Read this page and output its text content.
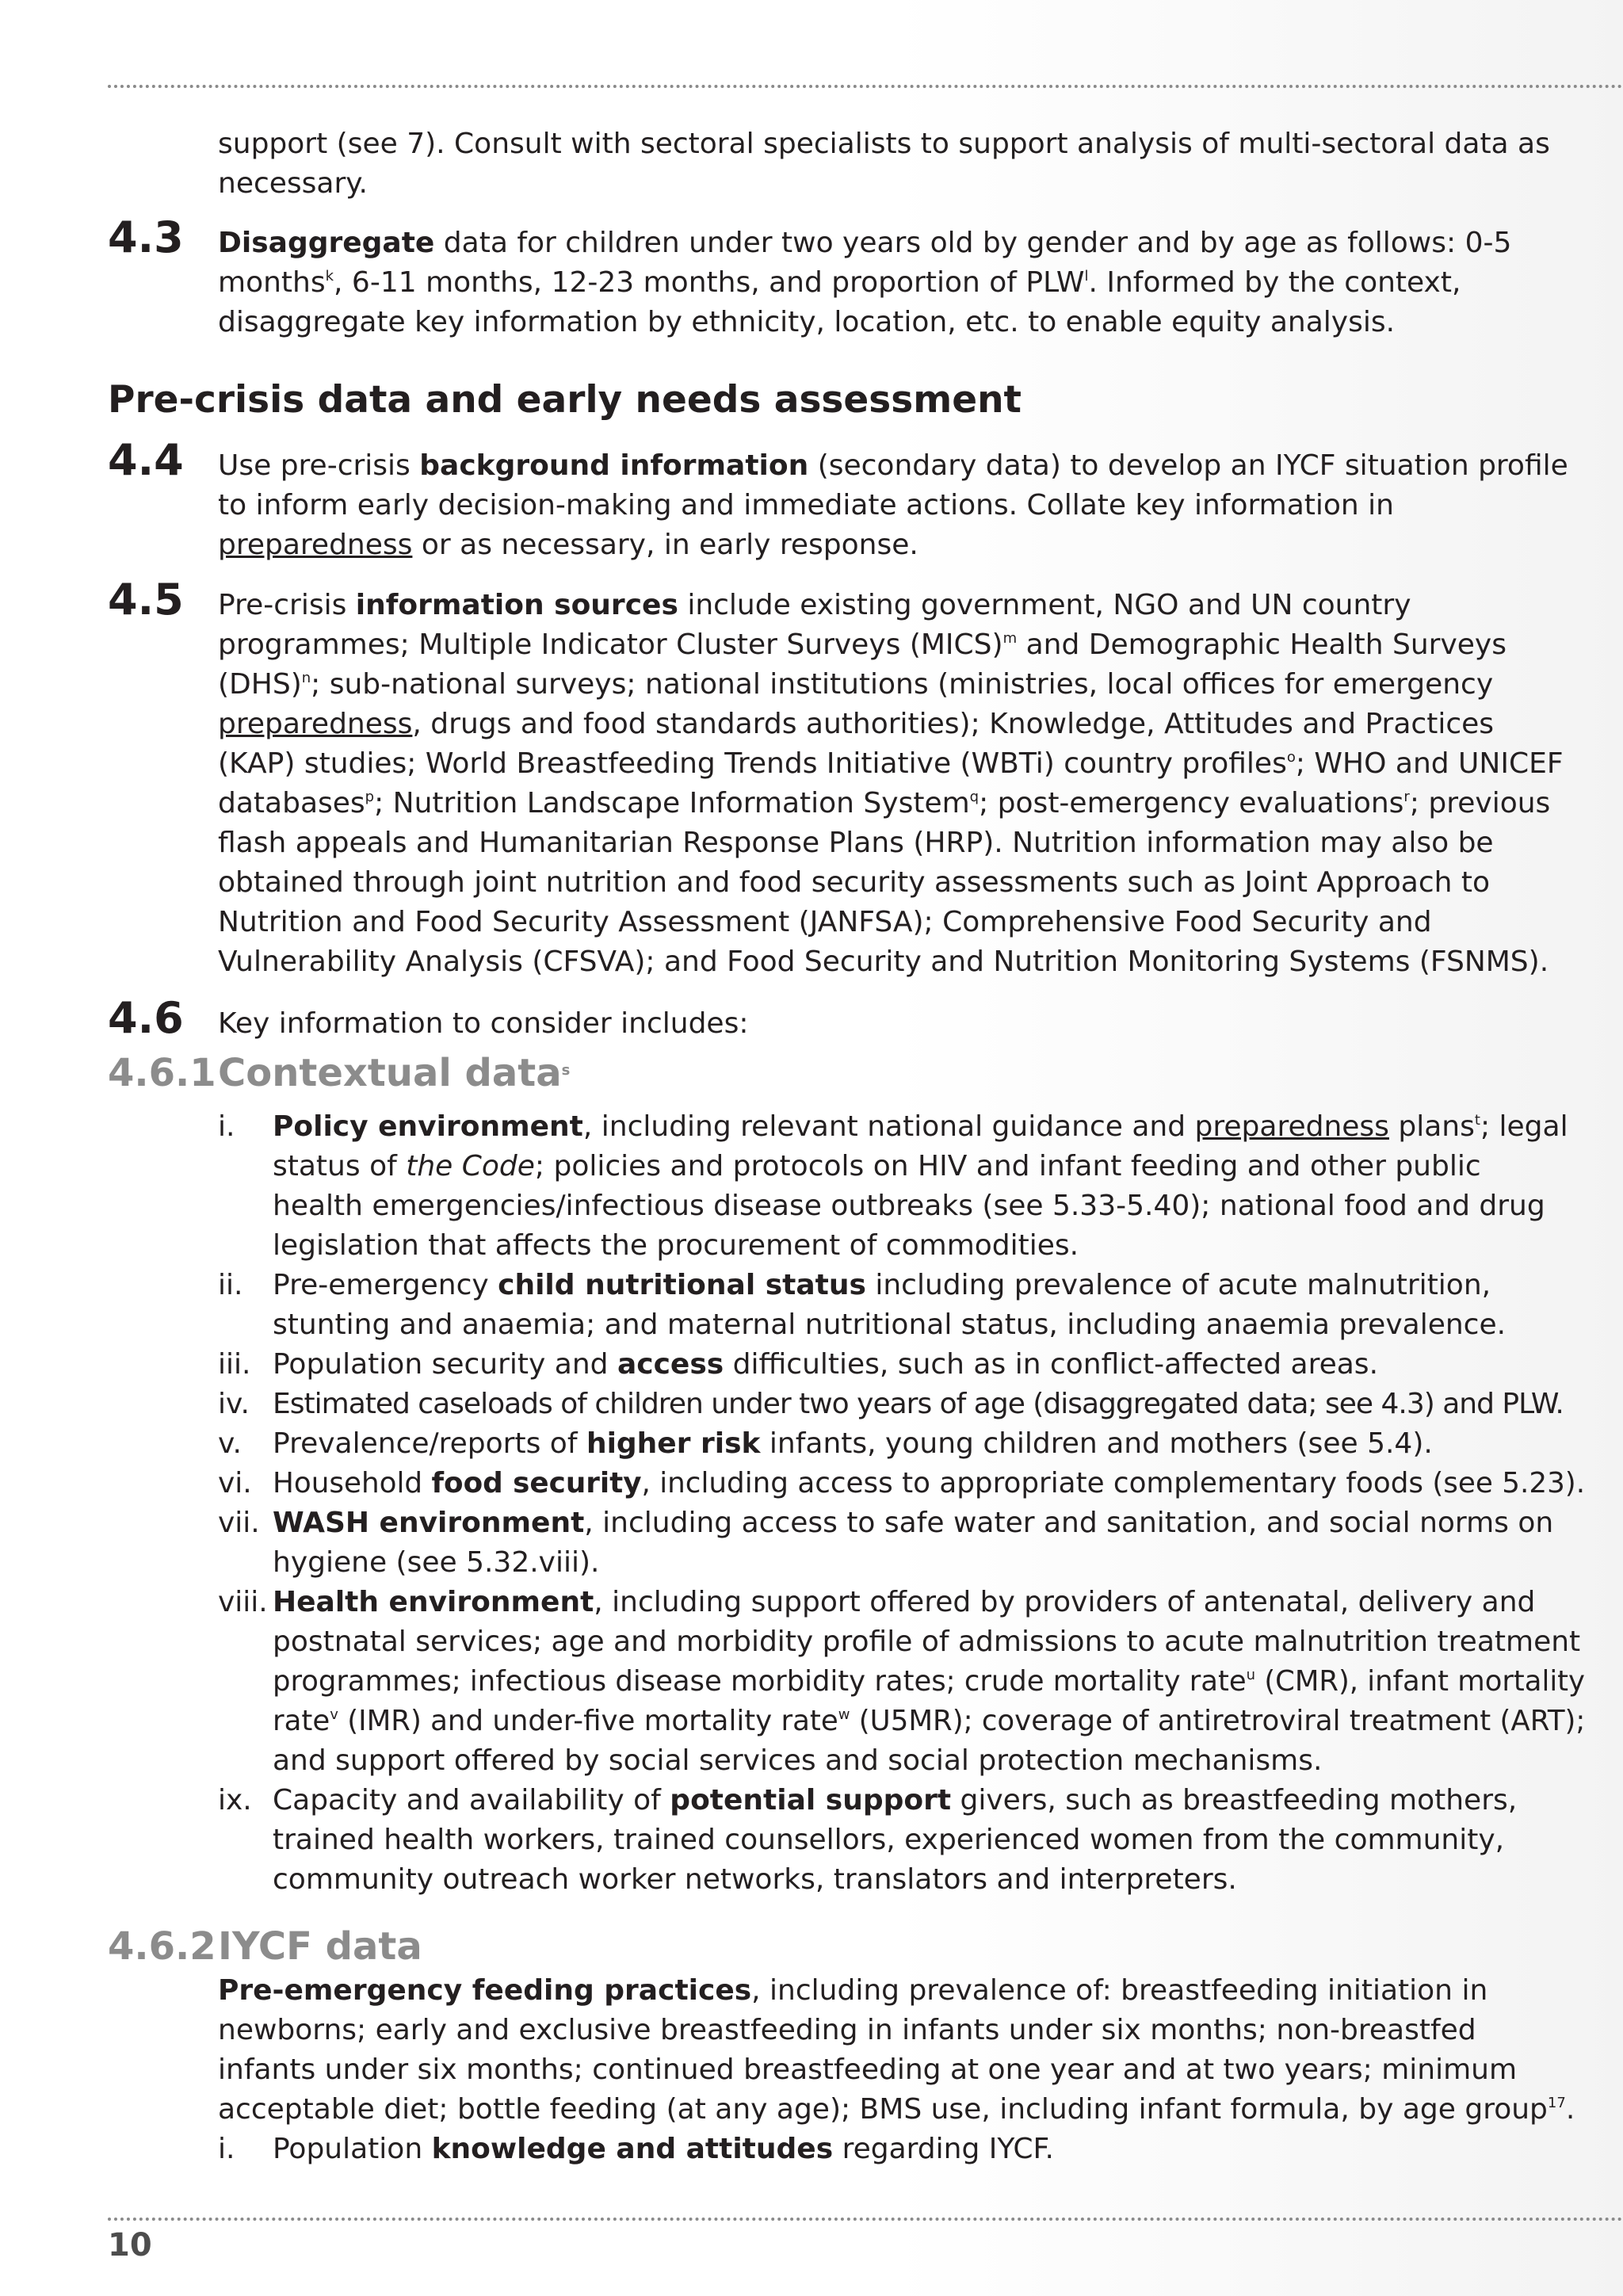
support (see 7). Consult with sectoral specialists to support analysis of multi-sectoral data as
necessary.
4.3 Disaggregate data for children under two years old by gender and by age as follows: 0-5
months$^k$, 6-11 months, 12-23 months, and proportion of PLW$^l$. Informed by the context,
disaggregate key information by ethnicity, location, etc. to enable equity analysis.
Pre-crisis data and early needs assessment
4.4 Use pre-crisis background information (secondary data) to develop an IYCF situation profile
to inform early decision-making and immediate actions. Collate key information in
preparedness or as necessary, in early response.
4.5 Pre-crisis information sources include existing government, NGO and UN country
programmes; Multiple Indicator Cluster Surveys (MICS)$^m$ and Demographic Health Surveys
(DHS)$^n$; sub-national surveys; national institutions (ministries, local offices for emergency
preparedness, drugs and food standards authorities); Knowledge, Attitudes and Practices
(KAP) studies; World Breastfeeding Trends Initiative (WBTi) country profiles$^o$; WHO and UNICEF
databases$^p$; Nutrition Landscape Information System$^q$; post-emergency evaluations$^r$; previous
flash appeals and Humanitarian Response Plans (HRP). Nutrition information may also be
obtained through joint nutrition and food security assessments such as Joint Approach to
Nutrition and Food Security Assessment (JANFSA); Comprehensive Food Security and
Vulnerability Analysis (CFSVA); and Food Security and Nutrition Monitoring Systems (FSNMS).
4.6 Key information to consider includes:
4.6.1 Contextual data$^s$
i. Policy environment, including relevant national guidance and preparedness plans$^t$; legal
status of the Code; policies and protocols on HIV and infant feeding and other public
health emergencies/infectious disease outbreaks (see 5.33-5.40); national food and drug
legislation that affects the procurement of commodities.
ii. Pre-emergency child nutritional status including prevalence of acute malnutrition,
stunting and anaemia; and maternal nutritional status, including anaemia prevalence.
iii. Population security and access difficulties, such as in conflict-affected areas.
iv. Estimated caseloads of children under two years of age (disaggregated data; see 4.3) and PLW.
v. Prevalence/reports of higher risk infants, young children and mothers (see 5.4).
vi. Household food security, including access to appropriate complementary foods (see 5.23).
vii. WASH environment, including access to safe water and sanitation, and social norms on
hygiene (see 5.32.viii).
viii. Health environment, including support offered by providers of antenatal, delivery and
postnatal services; age and morbidity profile of admissions to acute malnutrition treatment
programmes; infectious disease morbidity rates; crude mortality rate$^u$ (CMR), infant mortality
rate$^v$ (IMR) and under-five mortality rate$^w$ (U5MR); coverage of antiretroviral treatment (ART);
and support offered by social services and social protection mechanisms.
ix. Capacity and availability of potential support givers, such as breastfeeding mothers,
trained health workers, trained counsellors, experienced women from the community,
community outreach worker networks, translators and interpreters.
4.6.2 IYCF data
Pre-emergency feeding practices, including prevalence of: breastfeeding initiation in
newborns; early and exclusive breastfeeding in infants under six months; non-breastfed
infants under six months; continued breastfeeding at one year and at two years; minimum
acceptable diet; bottle feeding (at any age); BMS use, including infant formula, by age group$^{17}$.
i. Population knowledge and attitudes regarding IYCF.
10
